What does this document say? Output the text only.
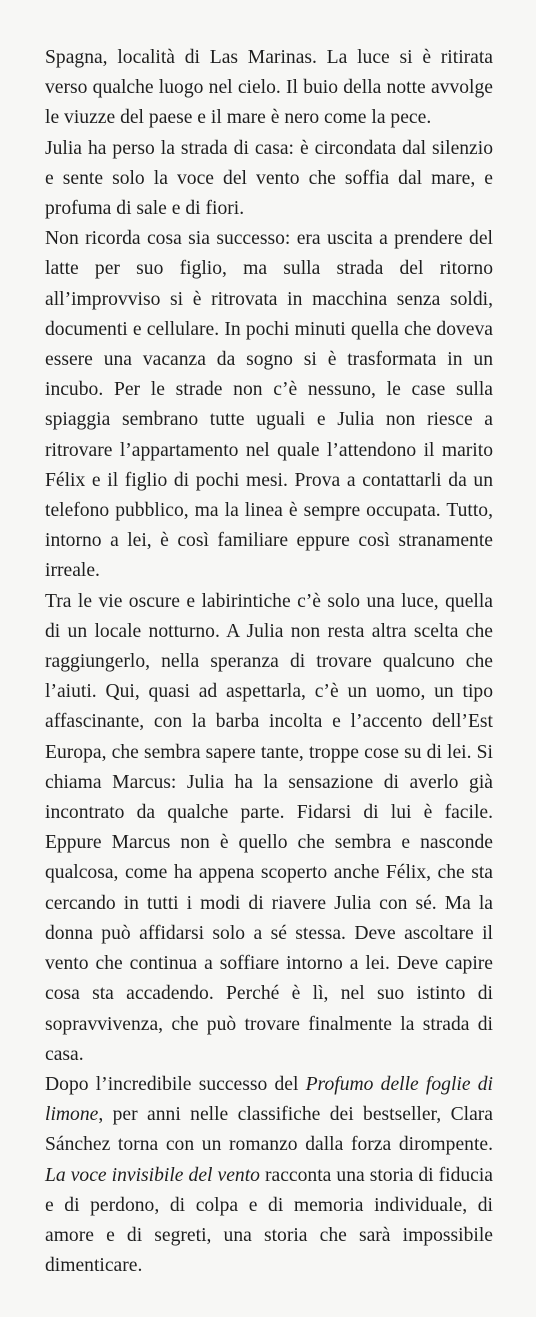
Spagna, località di Las Marinas. La luce si è ritirata verso qualche luogo nel cielo. Il buio della notte avvolge le viuzze del paese e il mare è nero come la pece.

Julia ha perso la strada di casa: è circondata dal silenzio e sente solo la voce del vento che soffia dal mare, e profuma di sale e di fiori.

Non ricorda cosa sia successo: era uscita a prendere del latte per suo figlio, ma sulla strada del ritorno all’improvviso si è ritrovata in macchina senza soldi, documenti e cellulare. In pochi minuti quella che doveva essere una vacanza da sogno si è trasformata in un incubo. Per le strade non c’è nessuno, le case sulla spiaggia sembrano tutte uguali e Julia non riesce a ritrovare l’appartamento nel quale l’attendono il marito Félix e il figlio di pochi mesi. Prova a contattarli da un telefono pubblico, ma la linea è sempre occupata. Tutto, intorno a lei, è così familiare eppure così stranamente irreale.

Tra le vie oscure e labirintiche c’è solo una luce, quella di un locale notturno. A Julia non resta altra scelta che raggiungerlo, nella speranza di trovare qualcuno che l’aiuti. Qui, quasi ad aspettarla, c’è un uomo, un tipo affascinante, con la barba incolta e l’accento dell’Est Europa, che sembra sapere tante, troppe cose su di lei. Si chiama Marcus: Julia ha la sensazione di averlo già incontrato da qualche parte. Fidarsi di lui è facile. Eppure Marcus non è quello che sembra e nasconde qualcosa, come ha appena scoperto anche Félix, che sta cercando in tutti i modi di riavere Julia con sé. Ma la donna può affidarsi solo a sé stessa. Deve ascoltare il vento che continua a soffiare intorno a lei. Deve capire cosa sta accadendo. Perché è lì, nel suo istinto di sopravvivenza, che può trovare finalmente la strada di casa.

Dopo l’incredibile successo del Profumo delle foglie di limone, per anni nelle classifiche dei bestseller, Clara Sánchez torna con un romanzo dalla forza dirompente. La voce invisibile del vento racconta una storia di fiducia e di perdono, di colpa e di memoria individuale, di amore e di segreti, una storia che sarà impossibile dimenticare.
